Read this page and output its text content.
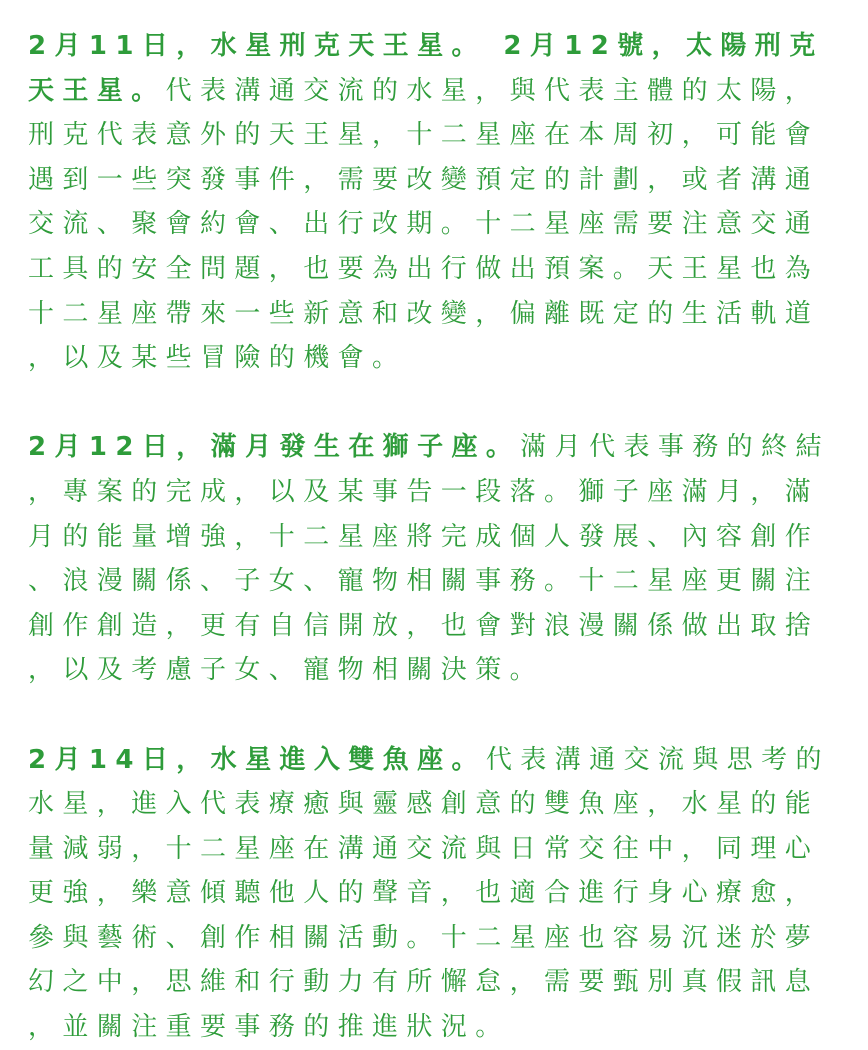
2月11日，水星刑克天王星。 2月12號，太陽刑克天王星。代表溝通交流的水星，與代表主體的太陽，刑克代表意外的天王星，十二星座在本周初，可能會遇到一些突發事件，需要改變預定的計劃，或者溝通交流、聚會約會、出行改期。十二星座需要注意交通工具的安全問題，也要為出行做出預案。天王星也為十二星座帶來一些新意和改變，偏離既定的生活軌道，以及某些冒險的機會。

2月12日，滿月發生在獅子座。滿月代表事務的終結，專案的完成，以及某事告一段落。獅子座滿月，滿月的能量增強，十二星座將完成個人發展、內容創作、浪漫關係、子女、寵物相關事務。十二星座更關注創作創造，更有自信開放，也會對浪漫關係做出取捨，以及考慮子女、寵物相關決策。

2月14日，水星進入雙魚座。代表溝通交流與思考的水星，進入代表療癒與靈感創意的雙魚座，水星的能量減弱，十二星座在溝通交流與日常交往中，同理心更強，樂意傾聽他人的聲音，也適合進行身心療愈，參與藝術、創作相關活動。十二星座也容易沉迷於夢幻之中，思維和行動力有所懈怠，需要甄別真假訊息，並關注重要事務的推進狀況。
